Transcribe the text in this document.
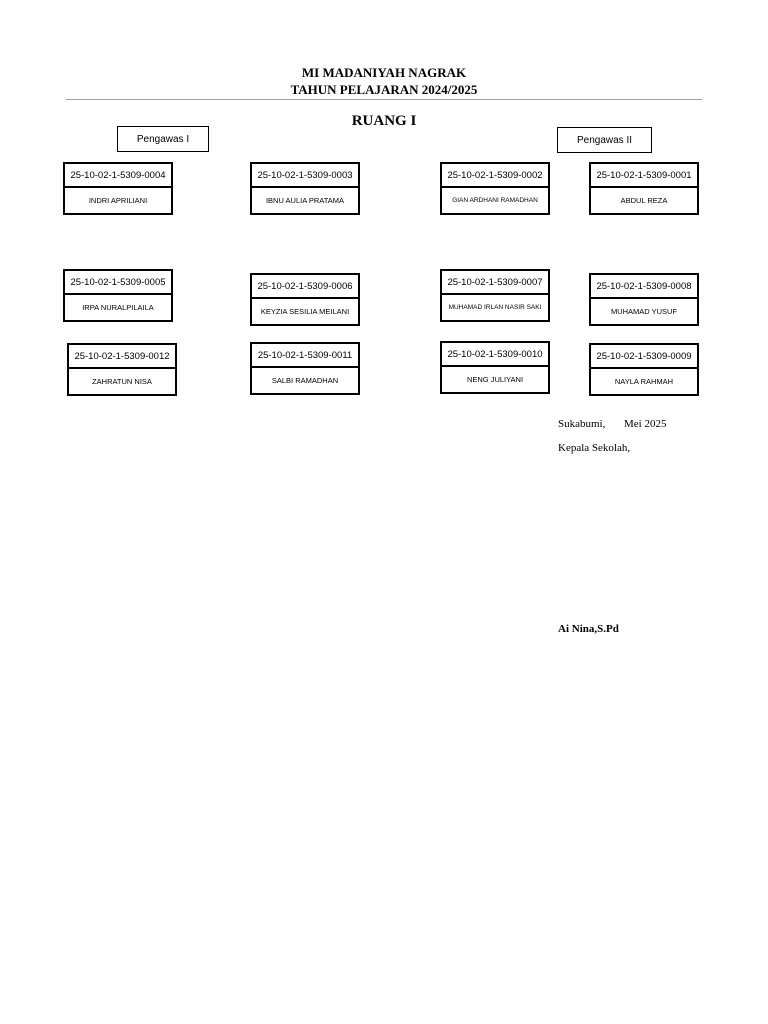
MI MADANIYAH NAGRAK
TAHUN PELAJARAN 2024/2025
RUANG I
Pengawas I	Pengawas II
25-10-02-1-5309-0004
INDRI APRILIANI
25-10-02-1-5309-0003
IBNU AULIA PRATAMA
25-10-02-1-5309-0002
GIAN ARDHANI RAMADHAN
25-10-02-1-5309-0001
ABDUL REZA
25-10-02-1-5309-0005
IRPA NURALPILAILA
25-10-02-1-5309-0006
KEYZIA SESILIA MEILANI
25-10-02-1-5309-0007
MUHAMAD IRLAN NASIR SAKI
25-10-02-1-5309-0008
MUHAMAD YUSUF
25-10-02-1-5309-0012
ZAHRATUN NISA
25-10-02-1-5309-0011
SALBI RAMADHAN
25-10-02-1-5309-0010
NENG JULIYANI
25-10-02-1-5309-0009
NAYLA RAHMAH
Sukabumi, Mei 2025
Kepala Sekolah,
Ai Nina,S.Pd
